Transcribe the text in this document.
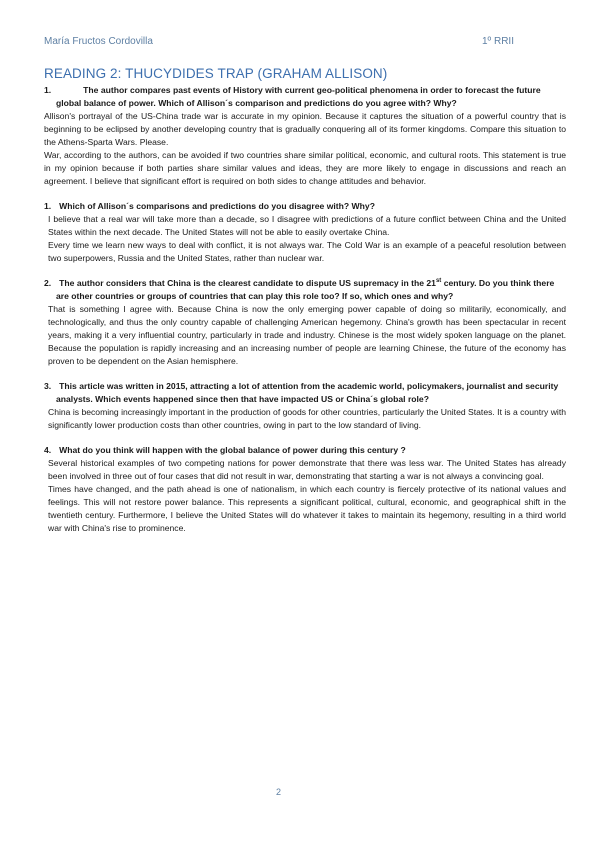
María Fructos Cordovilla	1º RRII
READING 2: THUCYDIDES TRAP (GRAHAM ALLISON)

1.	The author compares past events of History with current geo-political phenomena in order to forecast the future global balance of power. Which of Allison´s comparison and predictions do you agree with? Why?

Allison's portrayal of the US-China trade war is accurate in my opinion. Because it captures the situation of a powerful country that is beginning to be eclipsed by another developing country that is gradually conquering all of its former kingdoms. Compare this situation to the Athens-Sparta Wars. Please.

War, according to the authors, can be avoided if two countries share similar political, economic, and cultural roots. This statement is true in my opinion because if both parties share similar values and ideas, they are more likely to engage in discussions and reach an agreement. I believe that significant effort is required on both sides to change attitudes and behavior.

1. Which of Allison´s comparisons and predictions do you disagree with? Why?

I believe that a real war will take more than a decade, so I disagree with predictions of a future conflict between China and the United States within the next decade. The United States will not be able to easily overtake China.

Every time we learn new ways to deal with conflict, it is not always war. The Cold War is an example of a peaceful resolution between two superpowers, Russia and the United States, rather than nuclear war.

2. The author considers that China is the clearest candidate to dispute US supremacy in the 21st century. Do you think there are other countries or groups of countries that can play this role too? If so, which ones and why?

That is something I agree with. Because China is now the only emerging power capable of doing so militarily, economically, and technologically, and thus the only country capable of challenging American hegemony. China's growth has been spectacular in recent years, making it a very influential country, particularly in trade and industry. Chinese is the most widely spoken language on the planet. Because the population is rapidly increasing and an increasing number of people are learning Chinese, the future of the economy has proven to be dependent on the Asian hemisphere.

3. This article was written in 2015, attracting a lot of attention from the academic world, policymakers, journalist and security analysts. Which events happened since then that have impacted US or China´s global role?

China is becoming increasingly important in the production of goods for other countries, particularly the United States. It is a country with significantly lower production costs than other countries, owing in part to the low standard of living.

4. What do you think will happen with the global balance of power during this century ?

Several historical examples of two competing nations for power demonstrate that there was less war. The United States has already been involved in three out of four cases that did not result in war, demonstrating that starting a war is not always a convincing goal.

Times have changed, and the path ahead is one of nationalism, in which each country is fiercely protective of its national values and feelings. This will not restore power balance. This represents a significant political, cultural, economic, and geographical shift in the twentieth century. Furthermore, I believe the United States will do whatever it takes to maintain its hegemony, resulting in a third world war with China's rise to prominence.

2
